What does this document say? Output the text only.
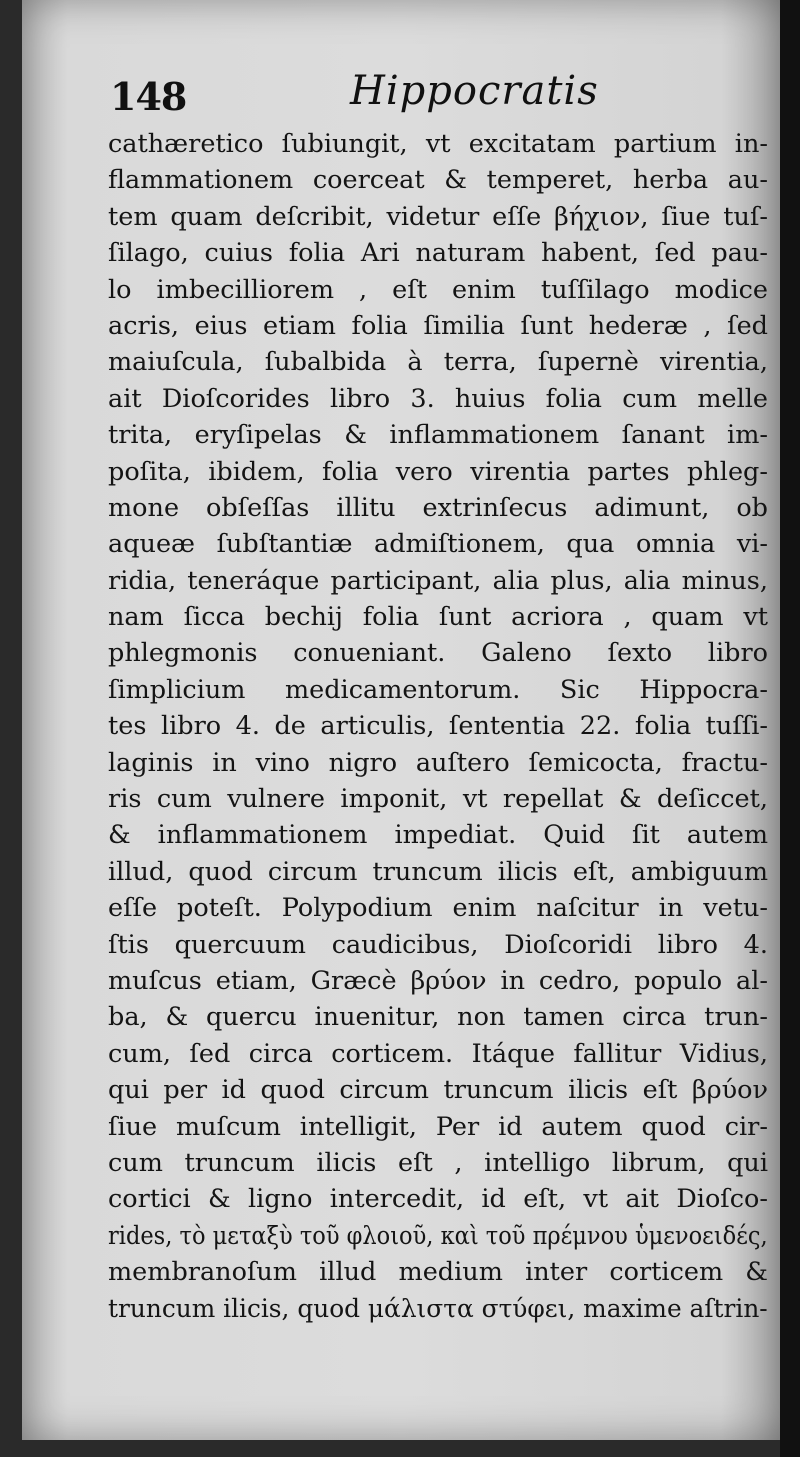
148	Hippocratis
cathæretico ſubiungit, vt excitatam partium in-
flammationem coerceat & temperet, herba au-
tem quam deſcribit, videtur eſſe βήχιον, ſiue tuſ-
ſilago, cuius folia Ari naturam habent, ſed pau-
lo imbecilliorem , eſt enim tuſſilago modice
acris, eius etiam folia ſimilia ſunt hederæ , ſed
maiuſcula, ſubalbida à terra, ſupernè virentia,
ait Dioſcorides libro 3. huius folia cum melle
trita, eryſipelas & inflammationem ſanant im-
poſita, ibidem, folia vero virentia partes phleg-
mone obſeſſas illitu extrinſecus adimunt, ob
aqueæ ſubſtantiæ admiſtionem, qua omnia vi-
ridia, teneráque participant, alia plus, alia minus,
nam ſicca bechij folia ſunt acriora , quam vt
phlegmonis conueniant. Galeno ſexto libro
ſimplicium medicamentorum. Sic Hippocra-
tes libro 4. de articulis, ſententia 22. folia tuſſi-
laginis in vino nigro auſtero ſemicocta, fractu-
ris cum vulnere imponit, vt repellat & deſiccet,
& inflammationem impediat. Quid ſit autem
illud, quod circum truncum ilicis eſt, ambiguum
eſſe poteſt. Polypodium enim naſcitur in vetu-
ſtis quercuum caudicibus, Dioſcoridi libro 4.
muſcus etiam, Græcè βρύον in cedro, populo al-
ba, & quercu inuenitur, non tamen circa trun-
cum, ſed circa corticem. Itáque fallitur Vidius,
qui per id quod circum truncum ilicis eſt βρύον
ſiue muſcum intelligit, Per id autem quod cir-
cum truncum ilicis eſt , intelligo librum, qui
cortici & ligno intercedit, id eſt, vt ait Dioſco-
rides, τὸ μεταξὺ τοῦ φλοιοῦ, καὶ τοῦ πρέμνου ὑμενοειδές,
membranoſum illud medium inter corticem &
truncum ilicis, quod μάλιστα στύφει, maxime aſtrin-
